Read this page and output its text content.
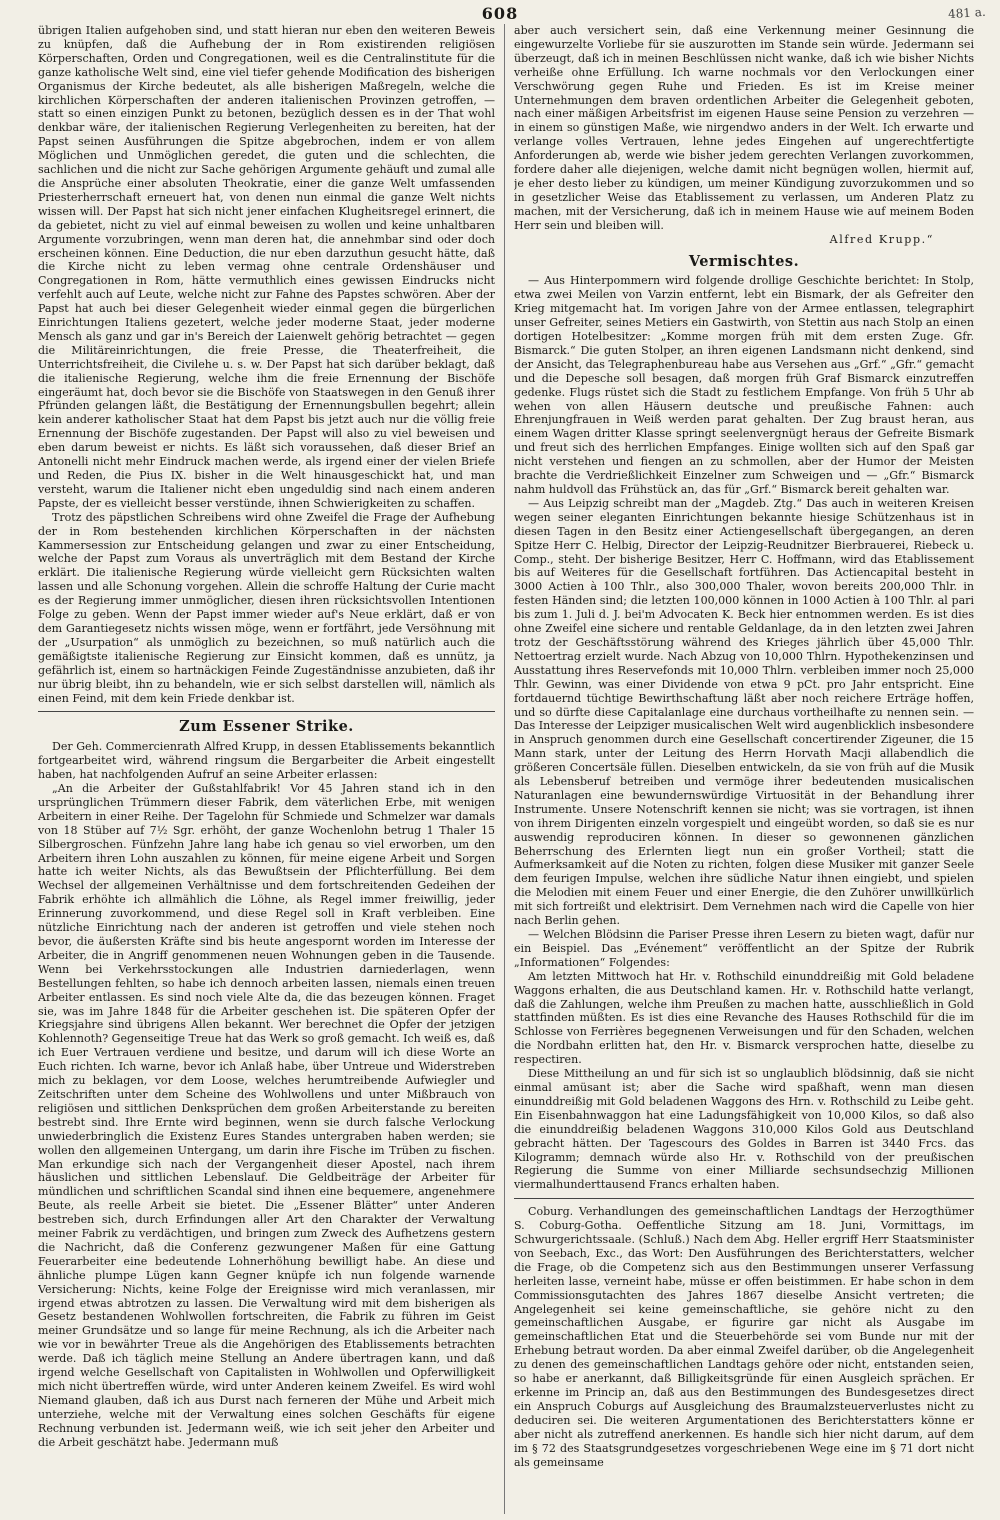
608	481 a.

übrigen Italien aufgehoben sind, und statt hieran nur eben den weiteren Beweis zu knüpfen, daß die Aufhebung der in Rom existirenden religiösen Körperschaften, Orden und Congregationen, weil es die Centralinstitute für die ganze katholische Welt sind, eine viel tiefer gehende Modification des bisherigen Organismus der Kirche bedeutet, als alle bisherigen Maßregeln, welche die kirchlichen Körperschaften der anderen italienischen Provinzen getroffen, — statt so einen einzigen Punkt zu betonen, bezüglich dessen es in der That wohl denkbar wäre, der italienischen Regierung Verlegenheiten zu bereiten, hat der Papst seinen Ausführungen die Spitze abgebrochen, indem er von allem Möglichen und Unmöglichen geredet, die guten und die schlechten, die sachlichen und die nicht zur Sache gehörigen Argumente gehäuft und zumal alle die Ansprüche einer absoluten Theokratie, einer die ganze Welt umfassenden Priesterherrschaft erneuert hat, von denen nun einmal die ganze Welt nichts wissen will. Der Papst hat sich nicht jener einfachen Klugheitsregel erinnert, die da gebietet, nicht zu viel auf einmal beweisen zu wollen und keine unhaltbaren Argumente vorzubringen, wenn man deren hat, die annehmbar sind oder doch erscheinen können. Eine Deduction, die nur eben darzuthun gesucht hätte, daß die Kirche nicht zu leben vermag ohne centrale Ordenshäuser und Congregationen in Rom, hätte vermuthlich eines gewissen Eindrucks nicht verfehlt auch auf Leute, welche nicht zur Fahne des Papstes schwören. Aber der Papst hat auch bei dieser Gelegenheit wieder einmal gegen die bürgerlichen Einrichtungen Italiens gezetert, welche jeder moderne Staat, jeder moderne Mensch als ganz und gar in's Bereich der Laienwelt gehörig betrachtet — gegen die Militäreinrichtungen, die freie Presse, die Theaterfreiheit, die Unterrichtsfreiheit, die Civilehe u. s. w. Der Papst hat sich darüber beklagt, daß die italienische Regierung, welche ihm die freie Ernennung der Bischöfe eingeräumt hat, doch bevor sie die Bischöfe von Staatswegen in den Genuß ihrer Pfründen gelangen läßt, die Bestätigung der Ernennungsbullen begehrt; allein kein anderer katholischer Staat hat dem Papst bis jetzt auch nur die völlig freie Ernennung der Bischöfe zugestanden. Der Papst will also zu viel beweisen und eben darum beweist er nichts. Es läßt sich voraussehen, daß dieser Brief an Antonelli nicht mehr Eindruck machen werde, als irgend einer der vielen Briefe und Reden, die Pius IX. bisher in die Welt hinausgeschickt hat, und man versteht, warum die Italiener nicht eben ungeduldig sind nach einem anderen Papste, der es vielleicht besser verstünde, ihnen Schwierigkeiten zu schaffen.

Trotz des päpstlichen Schreibens wird ohne Zweifel die Frage der Aufhebung der in Rom bestehenden kirchlichen Körperschaften in der nächsten Kammersession zur Entscheidung gelangen und zwar zu einer Entscheidung, welche der Papst zum Voraus als unverträglich mit dem Bestand der Kirche erklärt. Die italienische Regierung würde vielleicht gern Rücksichten walten lassen und alle Schonung vorgehen. Allein die schroffe Haltung der Curie macht es der Regierung immer unmöglicher, diesen ihren rücksichtsvollen Intentionen Folge zu geben. Wenn der Papst immer wieder auf's Neue erklärt, daß er von dem Garantiegesetz nichts wissen möge, wenn er fortfährt, jede Versöhnung mit der „Usurpation“ als unmöglich zu bezeichnen, so muß natürlich auch die gemäßigtste italienische Regierung zur Einsicht kommen, daß es unnütz, ja gefährlich ist, einem so hartnäckigen Feinde Zugeständnisse anzubieten, daß ihr nur übrig bleibt, ihn zu behandeln, wie er sich selbst darstellen will, nämlich als einen Feind, mit dem kein Friede denkbar ist.

Zum Essener Strike.

Der Geh. Commercienrath Alfred Krupp, in dessen Etablissements bekanntlich fortgearbeitet wird, während ringsum die Bergarbeiter die Arbeit eingestellt haben, hat nachfolgenden Aufruf an seine Arbeiter erlassen:

„An die Arbeiter der Gußstahlfabrik! Vor 45 Jahren stand ich in den ursprünglichen Trümmern dieser Fabrik, dem väterlichen Erbe, mit wenigen Arbeitern in einer Reihe. Der Tagelohn für Schmiede und Schmelzer war damals von 18 Stüber auf 7½ Sgr. erhöht, der ganze Wochenlohn betrug 1 Thaler 15 Silbergroschen. Fünfzehn Jahre lang habe ich genau so viel erworben, um den Arbeitern ihren Lohn auszahlen zu können, für meine eigene Arbeit und Sorgen hatte ich weiter Nichts, als das Bewußtsein der Pflichterfüllung. Bei dem Wechsel der allgemeinen Verhältnisse und dem fortschreitenden Gedeihen der Fabrik erhöhte ich allmählich die Löhne, als Regel immer freiwillig, jeder Erinnerung zuvorkommend, und diese Regel soll in Kraft verbleiben. Eine nützliche Einrichtung nach der anderen ist getroffen und viele stehen noch bevor, die äußersten Kräfte sind bis heute angespornt worden im Interesse der Arbeiter, die in Angriff genommenen neuen Wohnungen geben in die Tausende. Wenn bei Verkehrsstockungen alle Industrien darniederlagen, wenn Bestellungen fehlten, so habe ich dennoch arbeiten lassen, niemals einen treuen Arbeiter entlassen. Es sind noch viele Alte da, die das bezeugen können. Fraget sie, was im Jahre 1848 für die Arbeiter geschehen ist. Die späteren Opfer der Kriegsjahre sind übrigens Allen bekannt. Wer berechnet die Opfer der jetzigen Kohlennoth? Gegenseitige Treue hat das Werk so groß gemacht. Ich weiß es, daß ich Euer Vertrauen verdiene und besitze, und darum will ich diese Worte an Euch richten. Ich warne, bevor ich Anlaß habe, über Untreue und Widerstreben mich zu beklagen, vor dem Loose, welches herumtreibende Aufwiegler und Zeitschriften unter dem Scheine des Wohlwollens und unter Mißbrauch von religiösen und sittlichen Denksprüchen dem großen Arbeiterstande zu bereiten bestrebt sind. Ihre Ernte wird beginnen, wenn sie durch falsche Verlockung unwiederbringlich die Existenz Eures Standes untergraben haben werden; sie wollen den allgemeinen Untergang, um darin ihre Fische im Trüben zu fischen. Man erkundige sich nach der Vergangenheit dieser Apostel, nach ihrem häuslichen und sittlichen Lebenslauf. Die Geldbeiträge der Arbeiter für mündlichen und schriftlichen Scandal sind ihnen eine bequemere, angenehmere Beute, als reelle Arbeit sie bietet. Die „Essener Blätter“ unter Anderen bestreben sich, durch Erfindungen aller Art den Charakter der Verwaltung meiner Fabrik zu verdächtigen, und bringen zum Zweck des Aufhetzens gestern die Nachricht, daß die Conferenz gezwungener Maßen für eine Gattung Feuerarbeiter eine bedeutende Lohnerhöhung bewilligt habe. An diese und ähnliche plumpe Lügen kann Gegner knüpfe ich nun folgende warnende Versicherung: Nichts, keine Folge der Ereignisse wird mich veranlassen, mir irgend etwas abtrotzen zu lassen. Die Verwaltung wird mit dem bisherigen als Gesetz bestandenen Wohlwollen fortschreiten, die Fabrik zu führen im Geist meiner Grundsätze und so lange für meine Rechnung, als ich die Arbeiter nach wie vor in bewährter Treue als die Angehörigen des Etablissements betrachten werde. Daß ich täglich meine Stellung an Andere übertragen kann, und daß irgend welche Gesellschaft von Capitalisten in Wohlwollen und Opferwilligkeit mich nicht übertreffen würde, wird unter Anderen keinem Zweifel. Es wird wohl Niemand glauben, daß ich aus Durst nach ferneren der Mühe und Arbeit mich unterziehe, welche mit der Verwaltung eines solchen Geschäfts für eigene Rechnung verbunden ist. Jedermann weiß, wie ich seit jeher den Arbeiter und die Arbeit geschätzt habe. Jedermann muß

aber auch versichert sein, daß eine Verkennung meiner Gesinnung die eingewurzelte Vorliebe für sie auszurotten im Stande sein würde. Jedermann sei überzeugt, daß ich in meinen Beschlüssen nicht wanke, daß ich wie bisher Nichts verheiße ohne Erfüllung. Ich warne nochmals vor den Verlockungen einer Verschwörung gegen Ruhe und Frieden. Es ist im Kreise meiner Unternehmungen dem braven ordentlichen Arbeiter die Gelegenheit geboten, nach einer mäßigen Arbeitsfrist im eigenen Hause seine Pension zu verzehren — in einem so günstigen Maße, wie nirgendwo anders in der Welt. Ich erwarte und verlange volles Vertrauen, lehne jedes Eingehen auf ungerechtfertigte Anforderungen ab, werde wie bisher jedem gerechten Verlangen zuvorkommen, fordere daher alle diejenigen, welche damit nicht begnügen wollen, hiermit auf, je eher desto lieber zu kündigen, um meiner Kündigung zuvorzukommen und so in gesetzlicher Weise das Etablissement zu verlassen, um Anderen Platz zu machen, mit der Versicherung, daß ich in meinem Hause wie auf meinem Boden Herr sein und bleiben will.

Alfred Krupp.“
Vermischtes.

— Aus Hinterpommern wird folgende drollige Geschichte berichtet: In Stolp, etwa zwei Meilen von Varzin entfernt, lebt ein Bismark, der als Gefreiter den Krieg mitgemacht hat. Im vorigen Jahre von der Armee entlassen, telegraphirt unser Gefreiter, seines Metiers ein Gastwirth, von Stettin aus nach Stolp an einen dortigen Hotelbesitzer: „Komme morgen früh mit dem ersten Zuge. Gfr. Bismarck.“ Die guten Stolper, an ihren eigenen Landsmann nicht denkend, sind der Ansicht, das Telegraphenbureau habe aus Versehen aus „Grf.“ „Gfr.“ gemacht und die Depesche soll besagen, daß morgen früh Graf Bismarck einzutreffen gedenke. Flugs rüstet sich die Stadt zu festlichem Empfange. Von früh 5 Uhr ab wehen von allen Häusern deutsche und preußische Fahnen: auch Ehrenjungfrauen in Weiß werden parat gehalten. Der Zug braust heran, aus einem Wagen dritter Klasse springt seelenvergnügt heraus der Gefreite Bismark und freut sich des herrlichen Empfanges. Einige wollten sich auf den Spaß gar nicht verstehen und fiengen an zu schmollen, aber der Humor der Meisten brachte die Verdrießlichkeit Einzelner zum Schweigen und — „Gfr.“ Bismarck nahm huldvoll das Frühstück an, das für „Grf.“ Bismarck bereit gehalten war.

— Aus Leipzig schreibt man der „Magdeb. Ztg.“ Das auch in weiteren Kreisen wegen seiner eleganten Einrichtungen bekannte hiesige Schützenhaus ist in diesen Tagen in den Besitz einer Actiengesellschaft übergegangen, an deren Spitze Herr C. Helbig, Director der Leipzig-Reudnitzer Bierbrauerei, Riebeck u. Comp., steht. Der bisherige Besitzer, Herr C. Hoffmann, wird das Etablissement bis auf Weiteres für die Gesellschaft fortführen. Das Actiencapital besteht in 3000 Actien à 100 Thlr., also 300,000 Thaler, wovon bereits 200,000 Thlr. in festen Händen sind; die letzten 100,000 können in 1000 Actien à 100 Thlr. al pari bis zum 1. Juli d. J. bei'm Advocaten K. Beck hier entnommen werden. Es ist dies ohne Zweifel eine sichere und rentable Geldanlage, da in den letzten zwei Jahren trotz der Geschäftsstörung während des Krieges jährlich über 45,000 Thlr. Nettoertrag erzielt wurde. Nach Abzug von 10,000 Thlrn. Hypothekenzinsen und Ausstattung ihres Reservefonds mit 10,000 Thlrn. verbleiben immer noch 25,000 Thlr. Gewinn, was einer Dividende von etwa 9 pCt. pro Jahr entspricht. Eine fortdauernd tüchtige Bewirthschaftung läßt aber noch reichere Erträge hoffen, und so dürfte diese Capitalanlage eine durchaus vortheilhafte zu nennen sein. — Das Interesse der Leipziger musicalischen Welt wird augenblicklich insbesondere in Anspruch genommen durch eine Gesellschaft concertirender Zigeuner, die 15 Mann stark, unter der Leitung des Herrn Horvath Macji allabendlich die größeren Concertsäle füllen. Dieselben entwickeln, da sie von früh auf die Musik als Lebensberuf betreiben und vermöge ihrer bedeutenden musicalischen Naturanlagen eine bewundernswürdige Virtuosität in der Behandlung ihrer Instrumente. Unsere Notenschrift kennen sie nicht; was sie vortragen, ist ihnen von ihrem Dirigenten einzeln vorgespielt und eingeübt worden, so daß sie es nur auswendig reproduciren können. In dieser so gewonnenen gänzlichen Beherrschung des Erlernten liegt nun ein großer Vortheil; statt die Aufmerksamkeit auf die Noten zu richten, folgen diese Musiker mit ganzer Seele dem feurigen Impulse, welchen ihre südliche Natur ihnen eingiebt, und spielen die Melodien mit einem Feuer und einer Energie, die den Zuhörer unwillkürlich mit sich fortreißt und elektrisirt. Dem Vernehmen nach wird die Capelle von hier nach Berlin gehen.

— Welchen Blödsinn die Pariser Presse ihren Lesern zu bieten wagt, dafür nur ein Beispiel. Das „Evénement“ veröffentlicht an der Spitze der Rubrik „Informationen“ Folgendes:

Am letzten Mittwoch hat Hr. v. Rothschild einunddreißig mit Gold beladene Waggons erhalten, die aus Deutschland kamen. Hr. v. Rothschild hatte verlangt, daß die Zahlungen, welche ihm Preußen zu machen hatte, ausschließlich in Gold stattfinden müßten. Es ist dies eine Revanche des Hauses Rothschild für die im Schlosse von Ferrières begegnenen Verweisungen und für den Schaden, welchen die Nordbahn erlitten hat, den Hr. v. Bismarck versprochen hatte, dieselbe zu respectiren.

Diese Mittheilung an und für sich ist so unglaublich blödsinnig, daß sie nicht einmal amüsant ist; aber die Sache wird spaßhaft, wenn man diesen einunddreißig mit Gold beladenen Waggons des Hrn. v. Rothschild zu Leibe geht. Ein Eisenbahnwaggon hat eine Ladungsfähigkeit von 10,000 Kilos, so daß also die einunddreißig beladenen Waggons 310,000 Kilos Gold aus Deutschland gebracht hätten. Der Tagescours des Goldes in Barren ist 3440 Frcs. das Kilogramm; demnach würde also Hr. v. Rothschild von der preußischen Regierung die Summe von einer Milliarde sechsundsechzig Millionen viermalhunderttausend Francs erhalten haben.

Coburg. Verhandlungen des gemeinschaftlichen Landtags der Herzogthümer S. Coburg-Gotha. Oeffentliche Sitzung am 18. Juni, Vormittags, im Schwurgerichtssaale. (Schluß.) Nach dem Abg. Heller ergriff Herr Staatsminister von Seebach, Exc., das Wort: Den Ausführungen des Berichterstatters, welcher die Frage, ob die Competenz sich aus den Bestimmungen unserer Verfassung herleiten lasse, verneint habe, müsse er offen beistimmen. Er habe schon in dem Commissionsgutachten des Jahres 1867 dieselbe Ansicht vertreten; die Angelegenheit sei keine gemeinschaftliche, sie gehöre nicht zu den gemeinschaftlichen Ausgabe, er figurire gar nicht als Ausgabe im gemeinschaftlichen Etat und die Steuerbehörde sei vom Bunde nur mit der Erhebung betraut worden. Da aber einmal Zweifel darüber, ob die Angelegenheit zu denen des gemeinschaftlichen Landtags gehöre oder nicht, entstanden seien, so habe er anerkannt, daß Billigkeitsgründe für einen Ausgleich sprächen. Er erkenne im Princip an, daß aus den Bestimmungen des Bundesgesetzes direct ein Anspruch Coburgs auf Ausgleichung des Braumalzsteuerverlustes nicht zu deduciren sei. Die weiteren Argumentationen des Berichterstatters könne er aber nicht als zutreffend anerkennen. Es handle sich hier nicht darum, auf dem im § 72 des Staatsgrundgesetzes vorgeschriebenen Wege eine im § 71 dort nicht als gemeinsame
